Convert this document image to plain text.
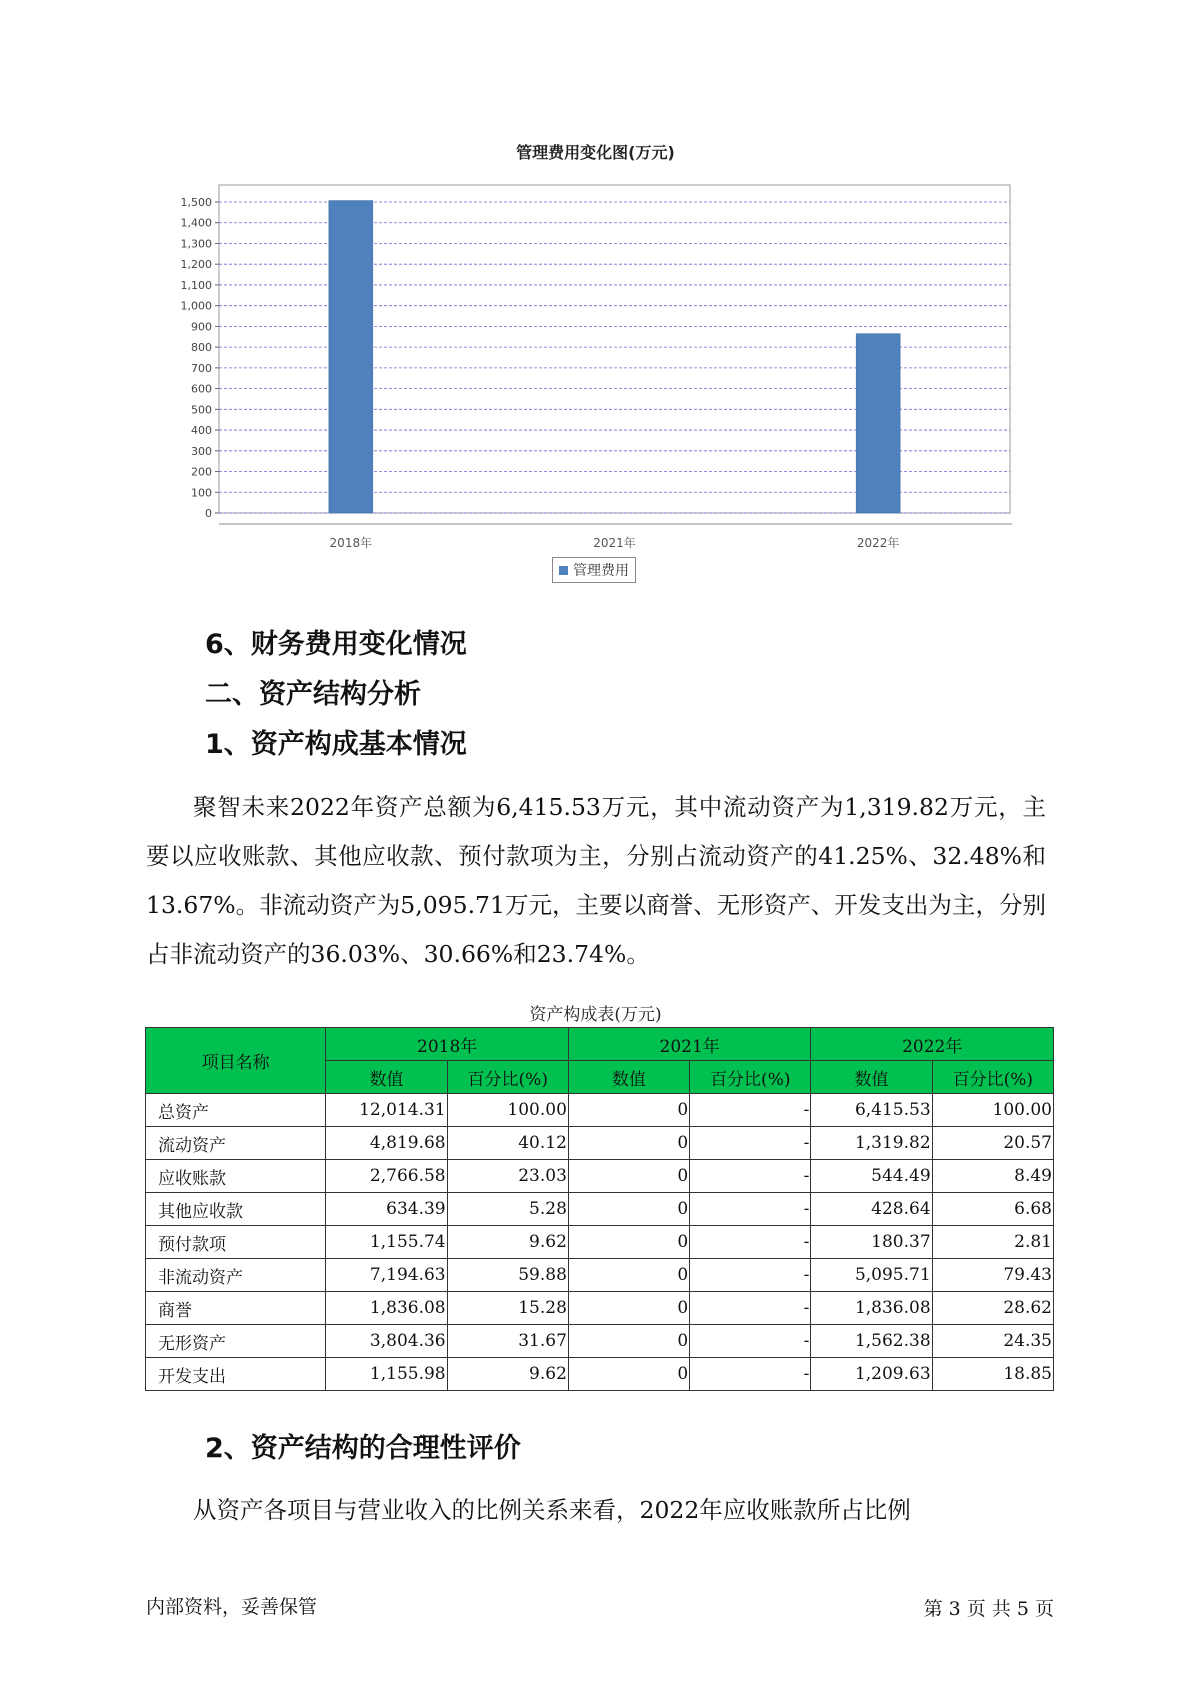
管理费用变化图(万元)
0
100
200
300
400
500
600
700
800
900
1,000
1,100
1,200
1,300
1,400
1,500
2018年	2021年	2022年
管理费用
6、财务费用变化情况
二、资产结构分析
1、资产构成基本情况

聚智未来2022年资产总额为6,415.53万元，其中流动资产为1,319.82万元，主要以应收账款、其他应收款、预付款项为主，分别占流动资产的41.25%、32.48%和13.67%。非流动资产为5,095.71万元，主要以商誉、无形资产、开发支出为主，分别占非流动资产的36.03%、30.66%和23.74%。

资产构成表(万元)
项目名称	2018年		2021年		2022年	
	数值	百分比(%)	数值	百分比(%)	数值	百分比(%)
总资产	12,014.31	100.00	0	-	6,415.53	100.00
流动资产	4,819.68	40.12	0	-	1,319.82	20.57
应收账款	2,766.58	23.03	0	-	544.49	8.49
其他应收款	634.39	5.28	0	-	428.64	6.68
预付款项	1,155.74	9.62	0	-	180.37	2.81
非流动资产	7,194.63	59.88	0	-	5,095.71	79.43
商誉	1,836.08	15.28	0	-	1,836.08	28.62
无形资产	3,804.36	31.67	0	-	1,562.38	24.35
开发支出	1,155.98	9.62	0	-	1,209.63	18.85
2、资产结构的合理性评价

从资产各项目与营业收入的比例关系来看，2022年应收账款所占比例

内部资料，妥善保管	第 3 页 共 5 页
